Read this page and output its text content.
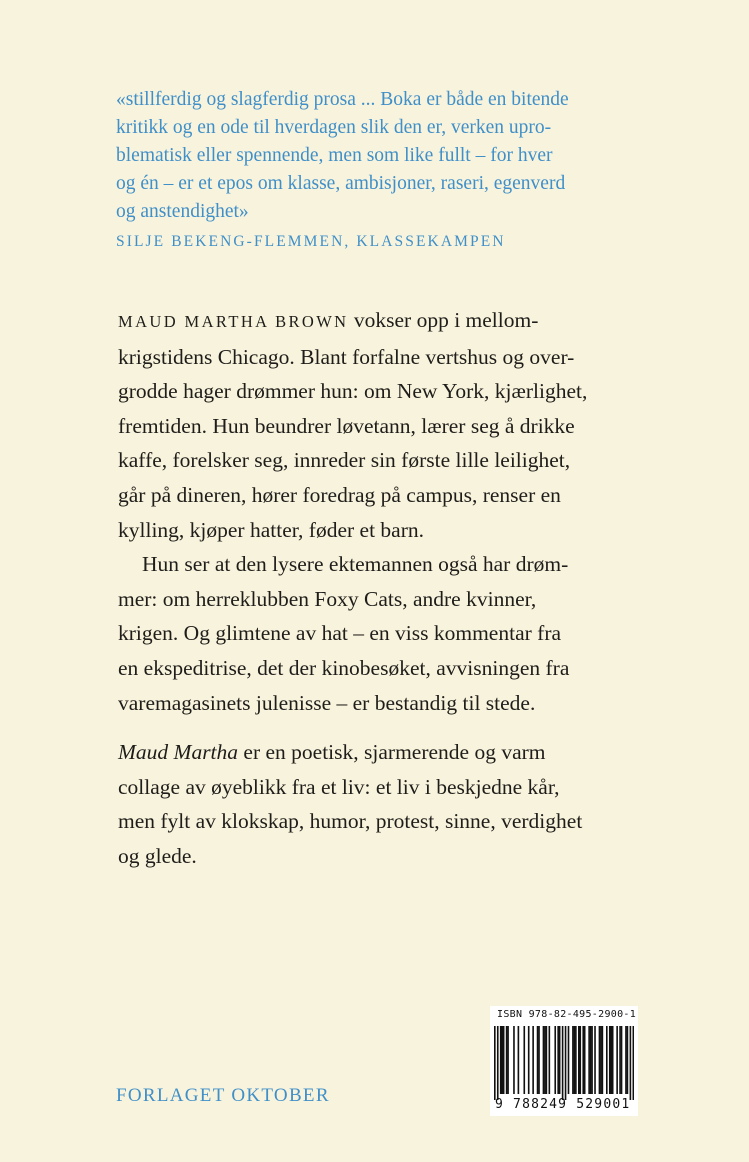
«stillferdig og slagferdig prosa ... Boka er både en bitende
kritikk og en ode til hverdagen slik den er, verken upro-
blematisk eller spennende, men som like fullt – for hver
og én – er et epos om klasse, ambisjoner, raseri, egenverd
og anstendighet»
SILJE BEKENG-FLEMMEN, KLASSEKAMPEN

MAUD MARTHA BROWN vokser opp i mellom-
krigstidens Chicago. Blant forfalne vertshus og over-
grodde hager drømmer hun: om New York, kjærlighet,
fremtiden. Hun beundrer løvetann, lærer seg å drikke
kaffe, forelsker seg, innreder sin første lille leilighet,
går på dineren, hører foredrag på campus, renser en
kylling, kjøper hatter, føder et barn.

Hun ser at den lysere ektemannen også har drøm-
mer: om herreklubben Foxy Cats, andre kvinner,
krigen. Og glimtene av hat – en viss kommentar fra
en ekspeditrise, det der kinobesøket, avvisningen fra
varemagasinets julenisse – er bestandig til stede.

Maud Martha er en poetisk, sjarmerende og varm
collage av øyeblikk fra et liv: et liv i beskjedne kår,
men fylt av klokskap, humor, protest, sinne, verdighet
og glede.

ISBN 978-82-495-2900-1
9 788249 529001
FORLAGET OKTOBER
